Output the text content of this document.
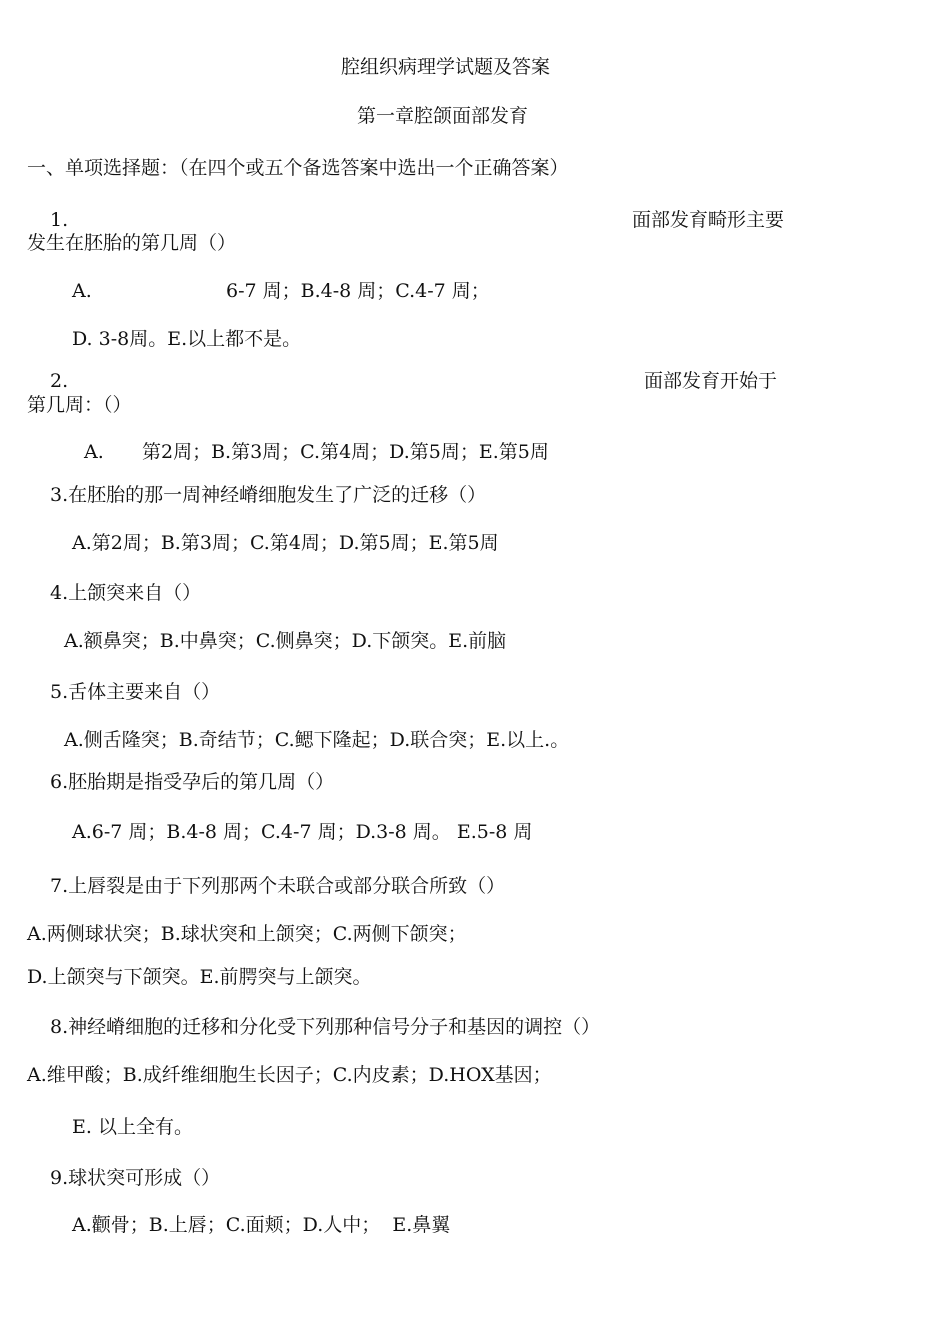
腔组织病理学试题及答案
第一章腔颌面部发育
一、单项选择题：（在四个或五个备选答案中选出一个正确答案）
1.	面部发育畸形主要
发生在胚胎的第几周（）
A.	6-7 周；B.4-8 周；C.4-7 周；
D. 3-8周。E.以上都不是。
2.	面部发育开始于
第几周：（）
A. 第2周；B.第3周；C.第4周；D.第5周；E.第5周
3.在胚胎的那一周神经嵴细胞发生了广泛的迁移（）
A.第2周；B.第3周；C.第4周；D.第5周；E.第5周
4.上颌突来自（）
A.额鼻突；B.中鼻突；C.侧鼻突；D.下颌突。E.前脑
5.舌体主要来自（）
A.侧舌隆突；B.奇结节；C.鳃下隆起；D.联合突；E.以上.。
6.胚胎期是指受孕后的第几周（）
A.6-7 周；B.4-8 周；C.4-7 周；D.3-8 周。 E.5-8 周
7.上唇裂是由于下列那两个未联合或部分联合所致（）
A.两侧球状突；B.球状突和上颌突；C.两侧下颌突；
D.上颌突与下颌突。E.前腭突与上颌突。
8.神经嵴细胞的迁移和分化受下列那种信号分子和基因的调控（）
A.维甲酸；B.成纤维细胞生长因子；C.内皮素；D.HOX基因；
E. 以上全有。
9.球状突可形成（）
A.颧骨；B.上唇；C.面颊；D.人中；  E.鼻翼
